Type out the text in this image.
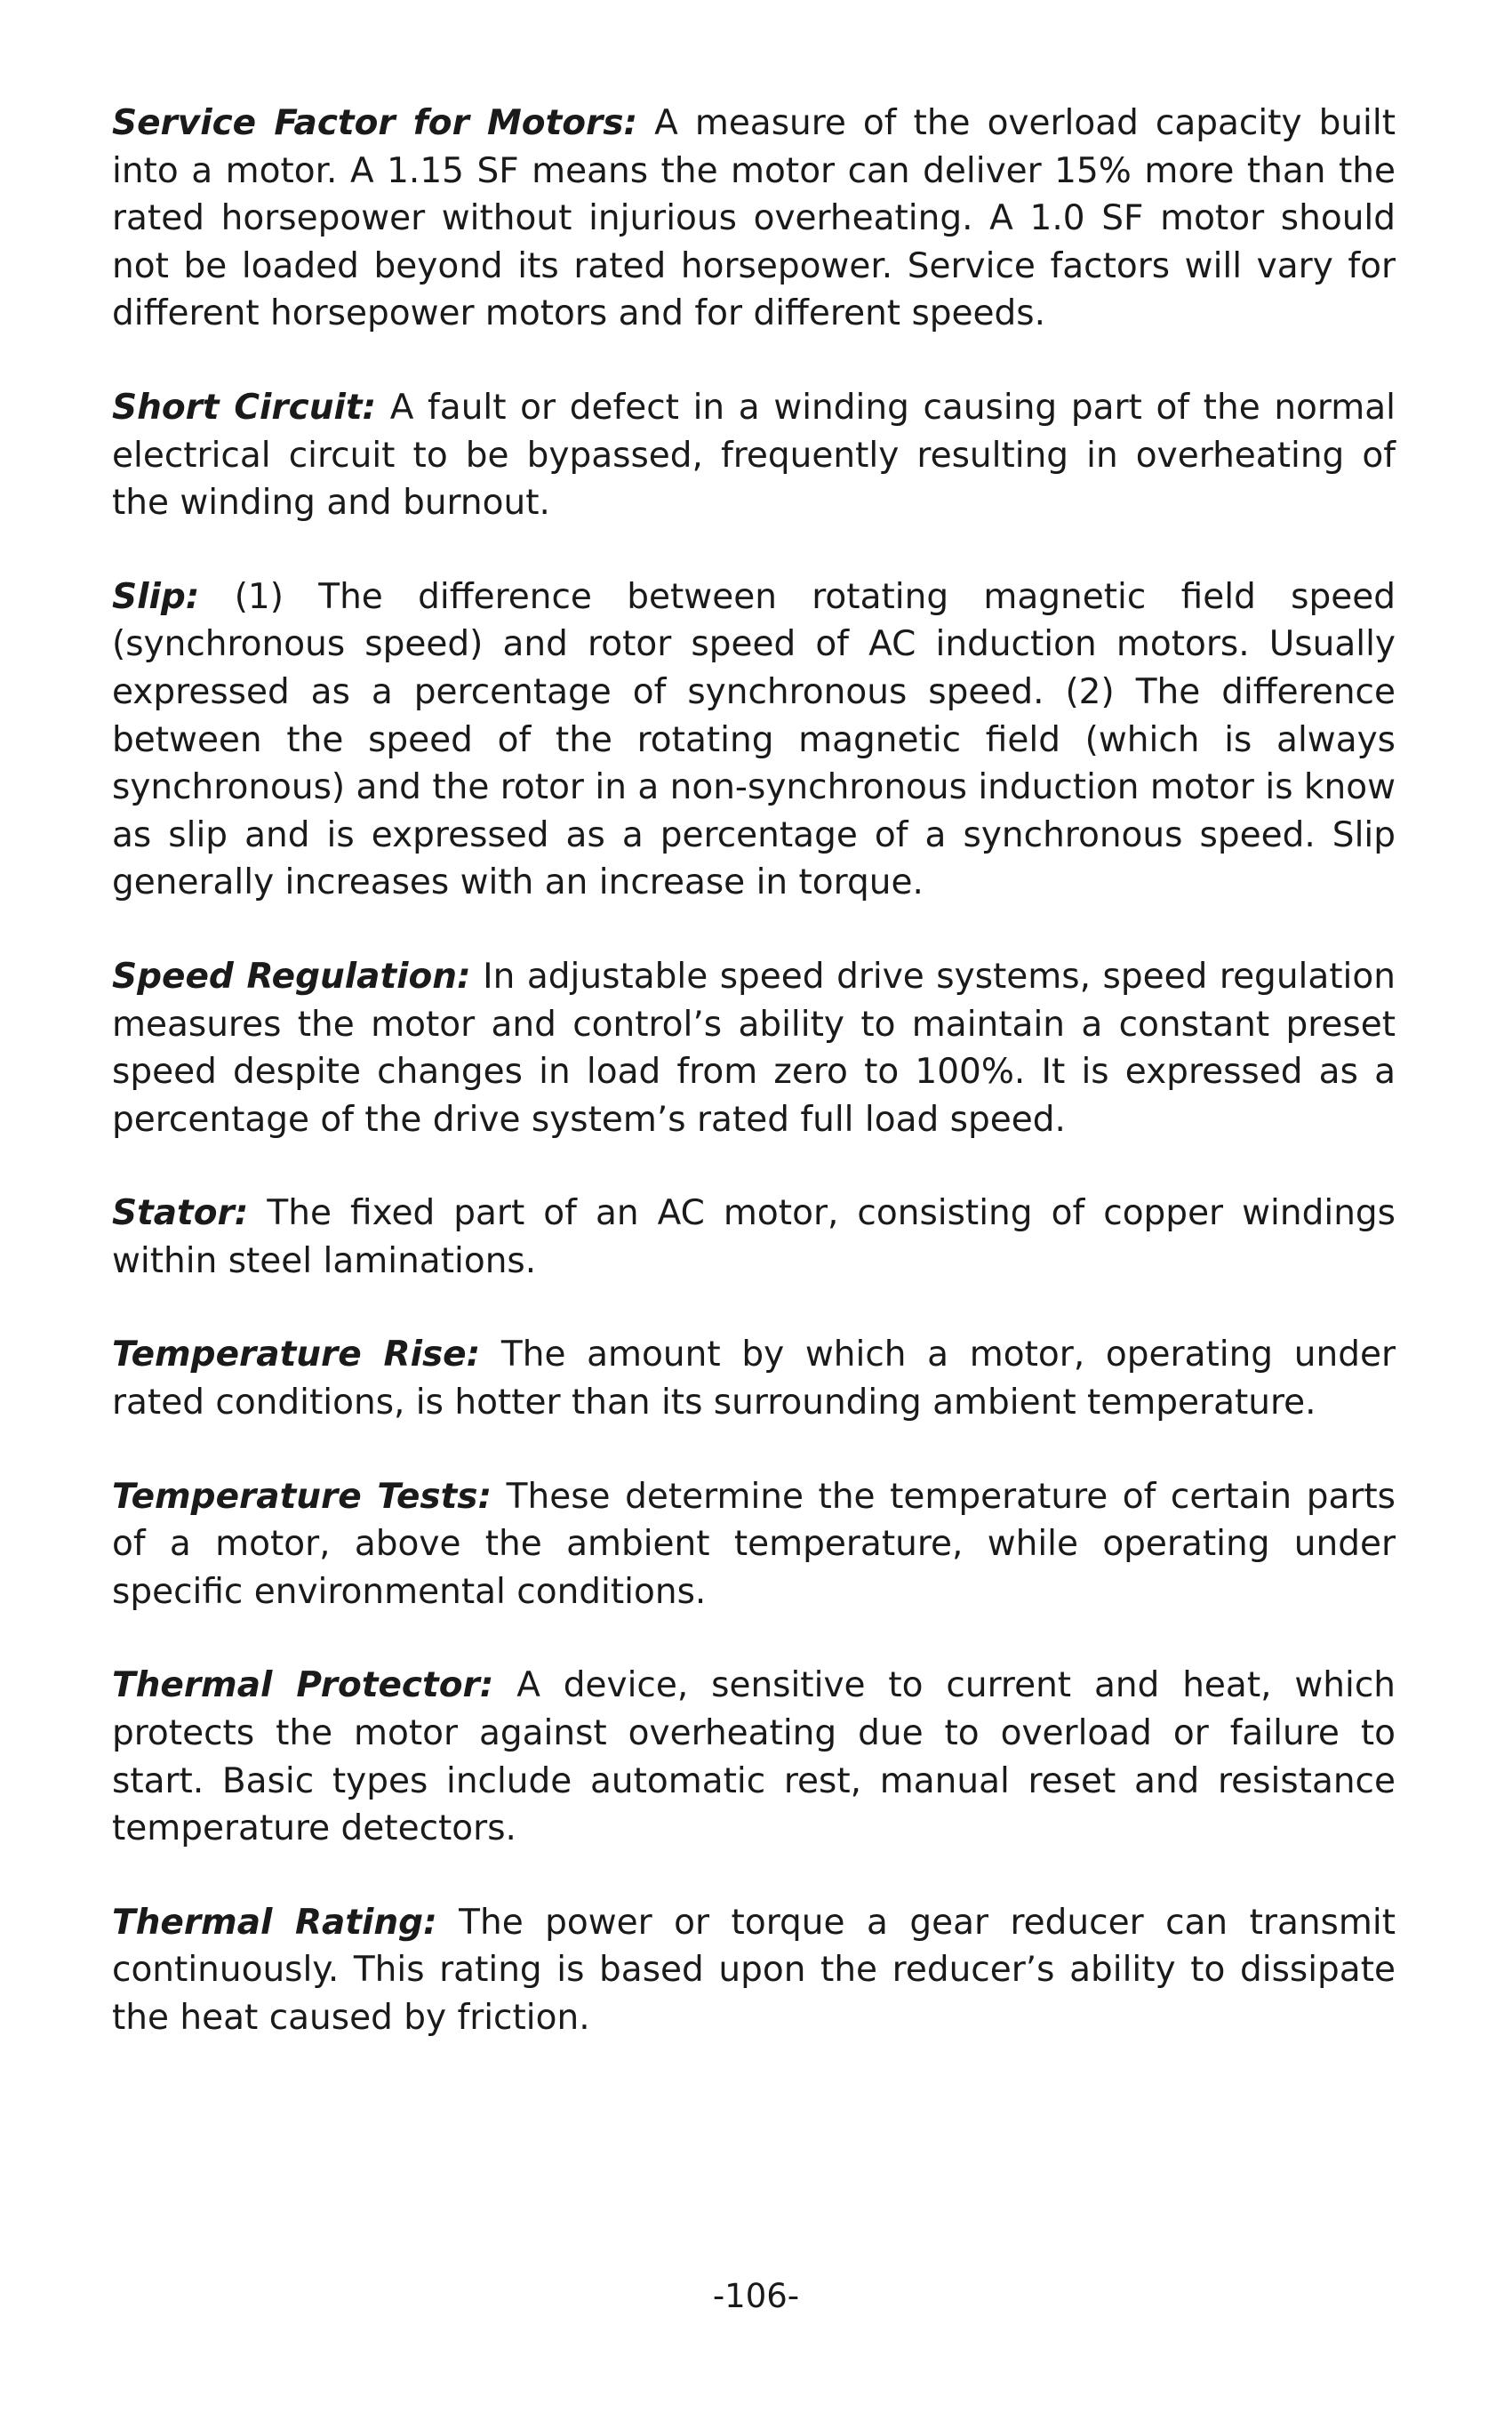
Service Factor for Motors: A measure of the overload capacity built into a motor. A 1.15 SF means the motor can deliver 15% more than the rated horsepower without injurious overheating. A 1.0 SF motor should not be loaded beyond its rated horsepower. Service factors will vary for different horsepower motors and for different speeds.

Short Circuit: A fault or defect in a winding causing part of the normal electrical circuit to be bypassed, frequently resulting in overheating of the winding and burnout.

Slip: (1) The difference between rotating magnetic field speed (synchronous speed) and rotor speed of AC induction motors. Usually expressed as a percentage of synchronous speed. (2) The difference between the speed of the rotating magnetic field (which is always synchronous) and the rotor in a non-synchronous induction motor is know as slip and is expressed as a percentage of a synchronous speed. Slip generally increases with an increase in torque.

Speed Regulation: In adjustable speed drive systems, speed regulation measures the motor and control’s ability to maintain a constant preset speed despite changes in load from zero to 100%. It is expressed as a percentage of the drive system’s rated full load speed.

Stator: The fixed part of an AC motor, consisting of copper windings within steel laminations.

Temperature Rise: The amount by which a motor, operating under rated conditions, is hotter than its surrounding ambient temperature.

Temperature Tests: These determine the temperature of certain parts of a motor, above the ambient temperature, while operating under specific environmental conditions.

Thermal Protector: A device, sensitive to current and heat, which protects the motor against overheating due to overload or failure to start. Basic types include automatic rest, manual reset and resistance temperature detectors.

Thermal Rating: The power or torque a gear reducer can transmit continuously. This rating is based upon the reducer’s ability to dissipate the heat caused by friction.

-106-
